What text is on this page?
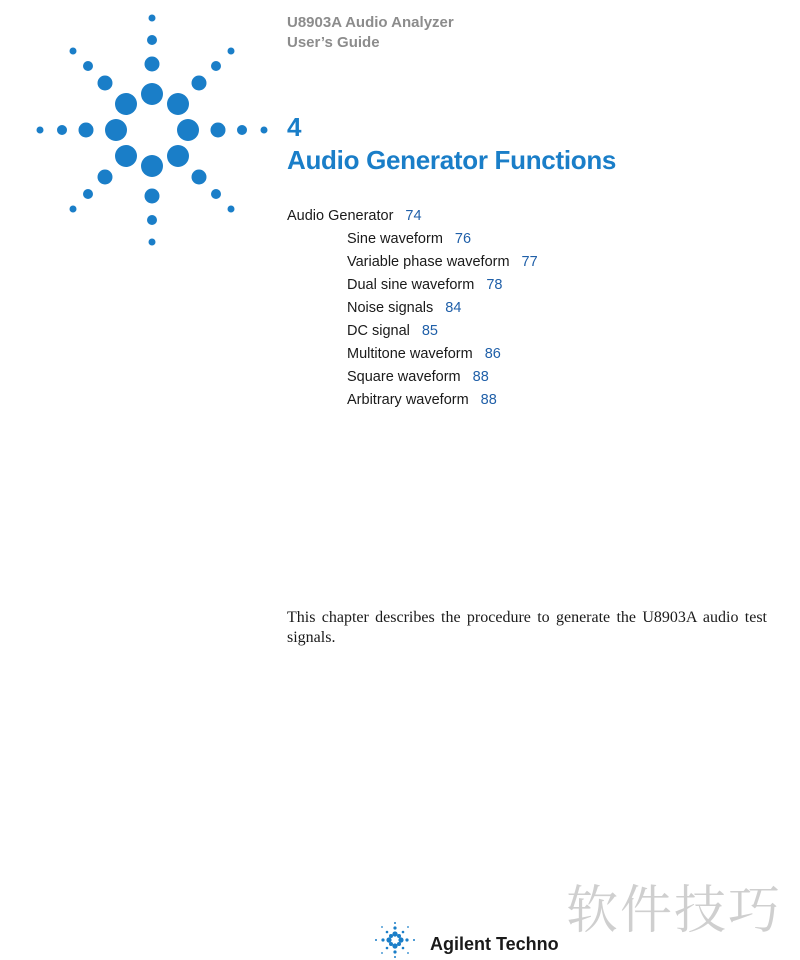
U8903A Audio Analyzer
User’s Guide
4
Audio Generator Functions
Audio Generator 74
Sine waveform 76
Variable phase waveform 77
Dual sine waveform 78
Noise signals 84
DC signal 85
Multitone waveform 86
Square waveform 88
Arbitrary waveform 88

This chapter describes the procedure to generate the U8903A audio test signals.

Agilent Techno
软件技巧
